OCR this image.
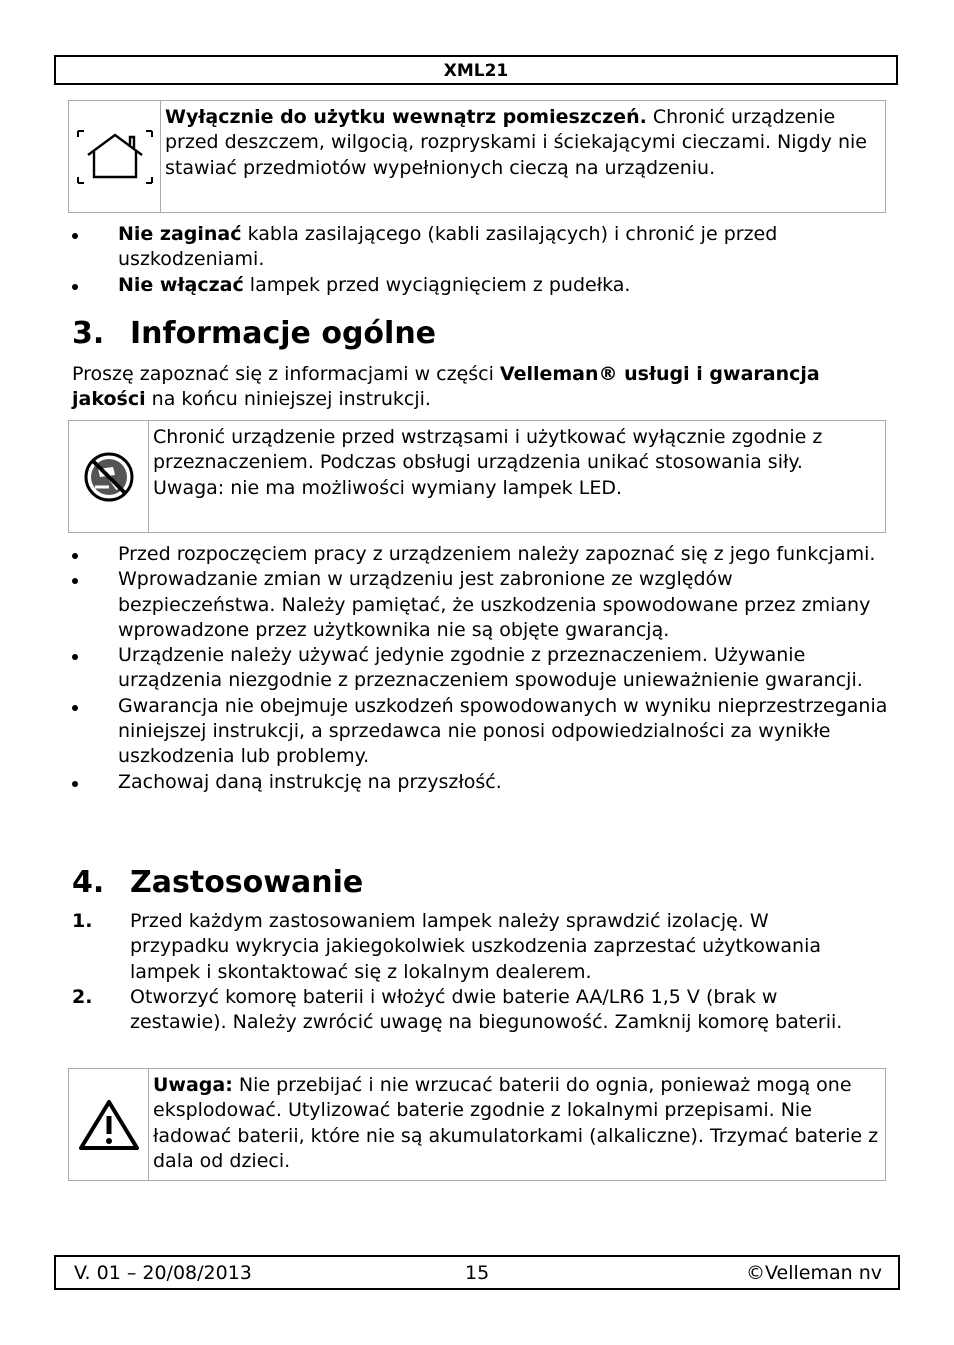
XML21

Wyłącznie do użytku wewnątrz pomieszczeń. Chronić urządzenie przed deszczem, wilgocią, rozpryskami i ściekającymi cieczami. Nigdy nie stawiać przedmiotów wypełnionych cieczą na urządzeniu.

Nie zaginać kabla zasilającego (kabli zasilających) i chronić je przed uszkodzeniami.
Nie włączać lampek przed wyciągnięciem z pudełka.
3. Informacje ogólne

Proszę zapoznać się z informacjami w części Velleman® usługi i gwarancja jakości na końcu niniejszej instrukcji.

Chronić urządzenie przed wstrząsami i użytkować wyłącznie zgodnie z przeznaczeniem. Podczas obsługi urządzenia unikać stosowania siły.

Uwaga: nie ma możliwości wymiany lampek LED.

Przed rozpoczęciem pracy z urządzeniem należy zapoznać się z jego funkcjami.
Wprowadzanie zmian w urządzeniu jest zabronione ze względów bezpieczeństwa. Należy pamiętać, że uszkodzenia spowodowane przez zmiany wprowadzone przez użytkownika nie są objęte gwarancją.
Urządzenie należy używać jedynie zgodnie z przeznaczeniem. Używanie urządzenia niezgodnie z przeznaczeniem spowoduje unieważnienie gwarancji.
Gwarancja nie obejmuje uszkodzeń spowodowanych w wyniku nieprzestrzegania niniejszej instrukcji, a sprzedawca nie ponosi odpowiedzialności za wynikłe uszkodzenia lub problemy.
Zachowaj daną instrukcję na przyszłość.
4. Zastosowanie
1. Przed każdym zastosowaniem lampek należy sprawdzić izolację. W przypadku wykrycia jakiegokolwiek uszkodzenia zaprzestać użytkowania lampek i skontaktować się z lokalnym dealerem.
2. Otworzyć komorę baterii i włożyć dwie baterie AA/LR6 1,5 V (brak w zestawie). Należy zwrócić uwagę na biegunowość. Zamknij komorę baterii.

Uwaga: Nie przebijać i nie wrzucać baterii do ognia, ponieważ mogą one eksplodować. Utylizować baterie zgodnie z lokalnymi przepisami. Nie ładować baterii, które nie są akumulatorkami (alkaliczne). Trzymać baterie z dala od dzieci.

V. 01 – 20/08/2013	15	©Velleman nv
